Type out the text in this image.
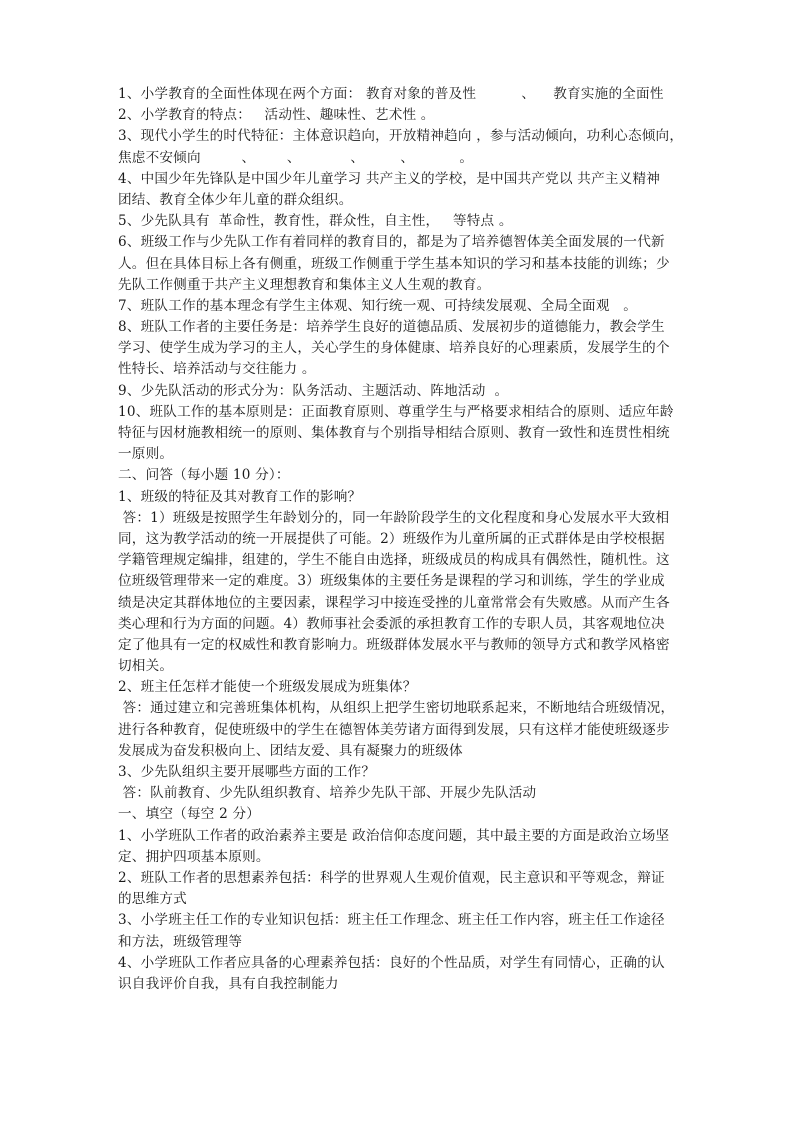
1、小学教育的全面性体现在两个方面： 教育对象的普及性          、    教育实施的全面性
2、小学教育的特点：   活动性、趣味性、艺术性 。
3、现代小学生的时代特征：主体意识趋向，开放精神趋向 ，参与活动倾向，功利心态倾向，
焦虑不安倾向         、       、           、        、          。
4、中国少年先锋队是中国少年儿童学习 共产主义的学校，是中国共产党以 共产主义精神
团结、教育全体少年儿童的群众组织。
5、少先队具有  革命性，教育性，群众性，自主性，   等特点 。
6、班级工作与少先队工作有着同样的教育目的，都是为了培养德智体美全面发展的一代新
人。但在具体目标上各有侧重，班级工作侧重于学生基本知识的学习和基本技能的训练；少
先队工作侧重于共产主义理想教育和集体主义人生观的教育。
7、班队工作的基本理念有学生主体观、知行统一观、可持续发展观、全局全面观   。
8、班队工作者的主要任务是：培养学生良好的道德品质、发展初步的道德能力，教会学生
学习、使学生成为学习的主人，关心学生的身体健康、培养良好的心理素质，发展学生的个
性特长、培养活动与交往能力 。
9、少先队活动的形式分为：队务活动、主题活动、阵地活动  。
10、班队工作的基本原则是：正面教育原则、尊重学生与严格要求相结合的原则、适应年龄
特征与因材施教相统一的原则、集体教育与个别指导相结合原则、教育一致性和连贯性相统
一原则。
二、问答（每小题 10 分）：
1、班级的特征及其对教育工作的影响？
答：1）班级是按照学生年龄划分的，同一年龄阶段学生的文化程度和身心发展水平大致相
同，这为教学活动的统一开展提供了可能。2）班级作为儿童所属的正式群体是由学校根据
学籍管理规定编排，组建的，学生不能自由选择，班级成员的构成具有偶然性，随机性。这
位班级管理带来一定的难度。3）班级集体的主要任务是课程的学习和训练，学生的学业成
绩是决定其群体地位的主要因素，课程学习中接连受挫的儿童常常会有失败感。从而产生各
类心理和行为方面的问题。4）教师事社会委派的承担教育工作的专职人员，其客观地位决
定了他具有一定的权威性和教育影响力。班级群体发展水平与教师的领导方式和教学风格密
切相关。
2、班主任怎样才能使一个班级发展成为班集体？
答：通过建立和完善班集体机构，从组织上把学生密切地联系起来，不断地结合班级情况，
进行各种教育，促使班级中的学生在德智体美劳诸方面得到发展，只有这样才能使班级逐步
发展成为奋发积极向上、团结友爱、具有凝聚力的班级体
3、少先队组织主要开展哪些方面的工作？
答：队前教育、少先队组织教育、培养少先队干部、开展少先队活动
一、填空（每空 2 分）
1、小学班队工作者的政治素养主要是 政治信仰态度问题，其中最主要的方面是政治立场坚
定、拥护四项基本原则。
2、班队工作者的思想素养包括：科学的世界观人生观价值观，民主意识和平等观念，辩证
的思维方式
3、小学班主任工作的专业知识包括：班主任工作理念、班主任工作内容，班主任工作途径
和方法，班级管理等
4、小学班队工作者应具备的心理素养包括：良好的个性品质，对学生有同情心，正确的认
识自我评价自我，具有自我控制能力
